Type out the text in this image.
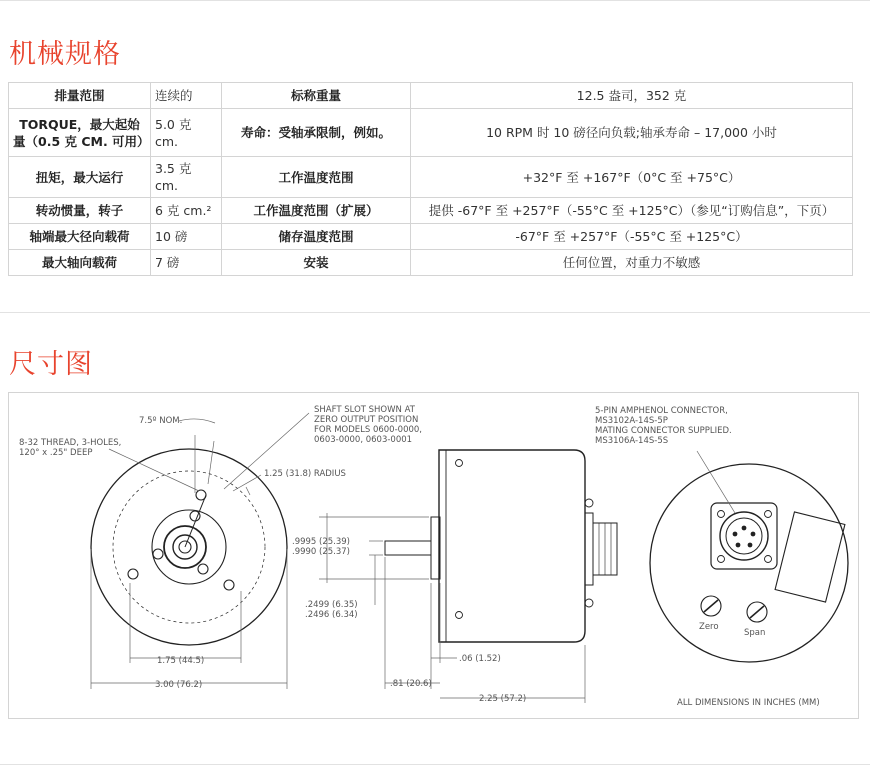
机械规格
排量范围	连续的	标称重量	12.5 盎司，352 克
TORQUE，最大起始量（0.5 克 CM. 可用）	5.0 克 cm.	寿命：受轴承限制，例如。	10 RPM 时 10 磅径向负载;轴承寿命 – 17,000 小时
扭矩，最大运行	3.5 克 cm.	工作温度范围	+32°F 至 +167°F（0°C 至 +75°C）
转动惯量，转子	6 克 cm.²	工作温度范围（扩展）	提供 -67°F 至 +257°F（-55°C 至 +125°C）（参见“订购信息”，下页）
轴端最大径向载荷	10 磅	储存温度范围	-67°F 至 +257°F（-55°C 至 +125°C）
最大轴向载荷	7 磅	安装	任何位置，对重力不敏感
尺寸图
7.5º NOM.
8-32 THREAD, 3-HOLES,
120° x .25" DEEP
SHAFT SLOT SHOWN AT
ZERO OUTPUT POSITION
FOR MODELS 0600-0000,
0603-0000, 0603-0001
1.25 (31.8) RADIUS
1.75 (44.5)
3.00 (76.2)
.9995 (25.39)
.9990 (25.37)
.2499 (6.35)
.2496 (6.34)
.06 (1.52)
.81 (20.6)
2.25 (57.2)
5-PIN AMPHENOL CONNECTOR,
MS3102A-14S-5P
MATING CONNECTOR SUPPLIED.
MS3106A-14S-5S
Zero
Span
ALL DIMENSIONS IN INCHES (MM)
